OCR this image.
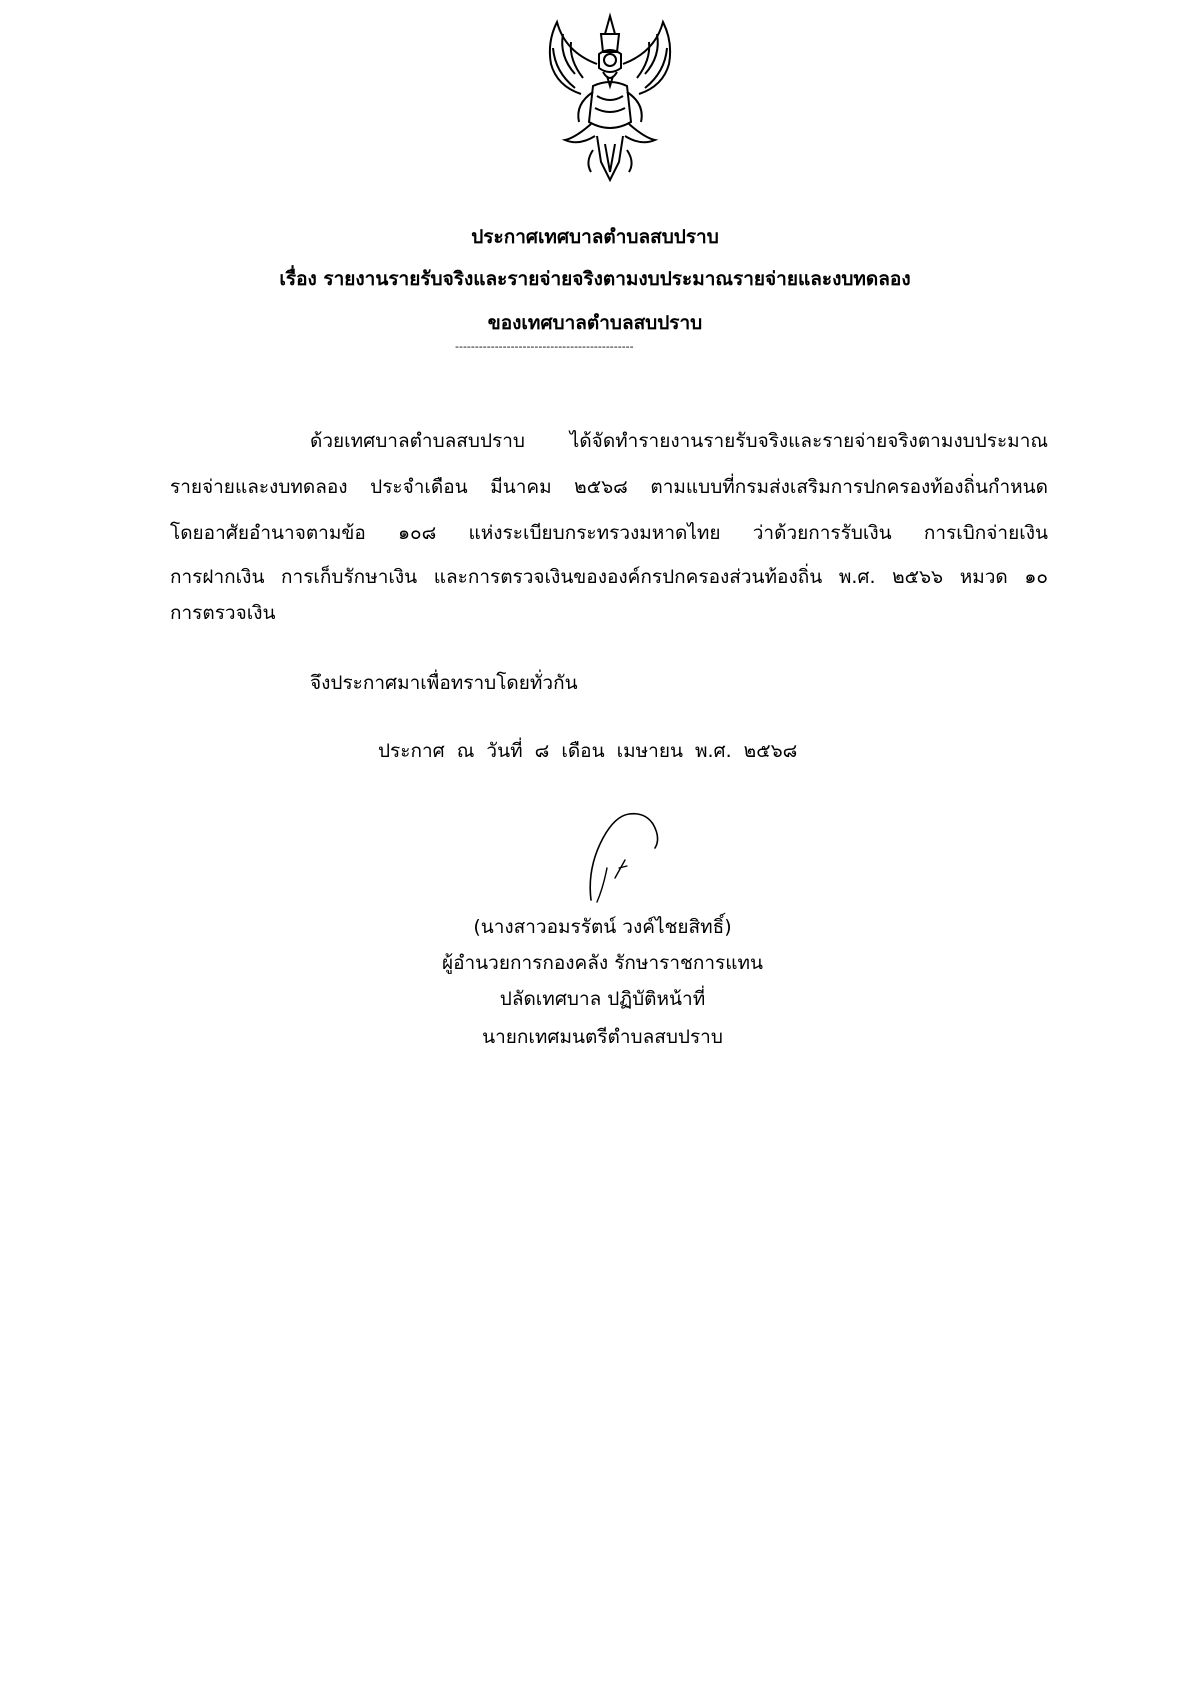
ประกาศเทศบาลตำบลสบปราบ
เรื่อง รายงานรายรับจริงและรายจ่ายจริงตามงบประมาณรายจ่ายและงบทดลอง
ของเทศบาลตำบลสบปราบ
---------------------------------------------
ด้วยเทศบาลตำบลสบปราบ ได้จัดทำรายงานรายรับจริงและรายจ่ายจริงตามงบประมาณ
รายจ่ายและงบทดลอง ประจำเดือน มีนาคม ๒๕๖๘ ตามแบบที่กรมส่งเสริมการปกครองท้องถิ่นกำหนด
โดยอาศัยอำนาจตามข้อ ๑๐๘ แห่งระเบียบกระทรวงมหาดไทย ว่าด้วยการรับเงิน การเบิกจ่ายเงิน
การฝากเงิน การเก็บรักษาเงิน และการตรวจเงินขององค์กรปกครองส่วนท้องถิ่น พ.ศ. ๒๕๖๖ หมวด ๑๐
การตรวจเงิน
จึงประกาศมาเพื่อทราบโดยทั่วกัน
ประกาศ ณ วันที่ ๘ เดือน เมษายน พ.ศ. ๒๕๖๘
(นางสาวอมรรัตน์ วงค์ไชยสิทธิ์)
ผู้อำนวยการกองคลัง รักษาราชการแทน
ปลัดเทศบาล ปฏิบัติหน้าที่
นายกเทศมนตรีตำบลสบปราบ
